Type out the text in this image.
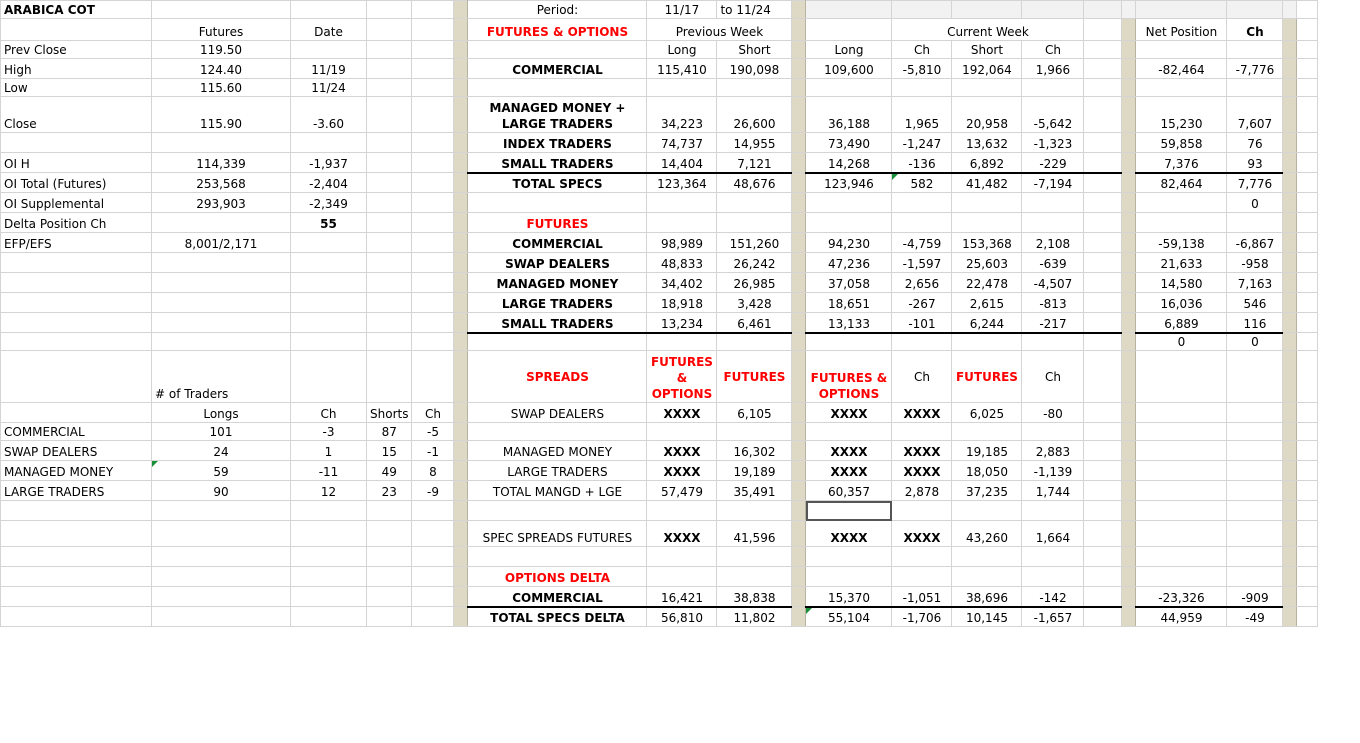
ARABICA COT						Period:	11/17	to 11/24											
	Futures	Date				FUTURES & OPTIONS	Previous Week				Current Week					Net Position	Ch		
Prev Close	119.50						Long	Short		Long	Ch	Short	Ch						
High	124.40	11/19				COMMERCIAL	115,410	190,098		109,600	-5,810	192,064	1,966			-82,464	-7,776		
Low	115.60	11/24																	
Close	115.90	-3.60				MANAGED MONEY + LARGE TRADERS	34,223	26,600		36,188	1,965	20,958	-5,642			15,230	7,607		
						INDEX TRADERS	74,737	14,955		73,490	-1,247	13,632	-1,323			59,858	76		
OI H	114,339	-1,937				SMALL TRADERS	14,404	7,121		14,268	-136	6,892	-229			7,376	93		
OI Total (Futures)	253,568	-2,404				TOTAL SPECS	123,364	48,676		123,946	582	41,482	-7,194			82,464	7,776		
OI Supplemental	293,903	-2,349															0		
Delta Position Ch		55				FUTURES													
EFP/EFS	8,001/2,171					COMMERCIAL	98,989	151,260		94,230	-4,759	153,368	2,108			-59,138	-6,867		
						SWAP DEALERS	48,833	26,242		47,236	-1,597	25,603	-639			21,633	-958		
						MANAGED MONEY	34,402	26,985		37,058	2,656	22,478	-4,507			14,580	7,163		
						LARGE TRADERS	18,918	3,428		18,651	-267	2,615	-813			16,036	546		
						SMALL TRADERS	13,234	6,461		13,133	-101	6,244	-217			6,889	116		
																0	0		
	# of Traders					SPREADS	FUTURES & OPTIONS	FUTURES		FUTURES & OPTIONS	Ch	FUTURES	Ch						
	Longs	Ch	Shorts	Ch		SWAP DEALERS	XXXX	6,105		XXXX	XXXX	6,025	-80						
COMMERCIAL	101	-3	87	-5															
SWAP DEALERS	24	1	15	-1		MANAGED MONEY	XXXX	16,302		XXXX	XXXX	19,185	2,883						
MANAGED MONEY	59	-11	49	8		LARGE TRADERS	XXXX	19,189		XXXX	XXXX	18,050	-1,139						
LARGE TRADERS	90	12	23	-9		TOTAL MANGD + LGE	57,479	35,491		60,357	2,878	37,235	1,744						

						SPEC SPREADS FUTURES	XXXX	41,596		XXXX	XXXX	43,260	1,664						

						OPTIONS DELTA													
						COMMERCIAL	16,421	38,838		15,370	-1,051	38,696	-142			-23,326	-909		
						TOTAL SPECS DELTA	56,810	11,802		55,104	-1,706	10,145	-1,657			44,959	-49		
